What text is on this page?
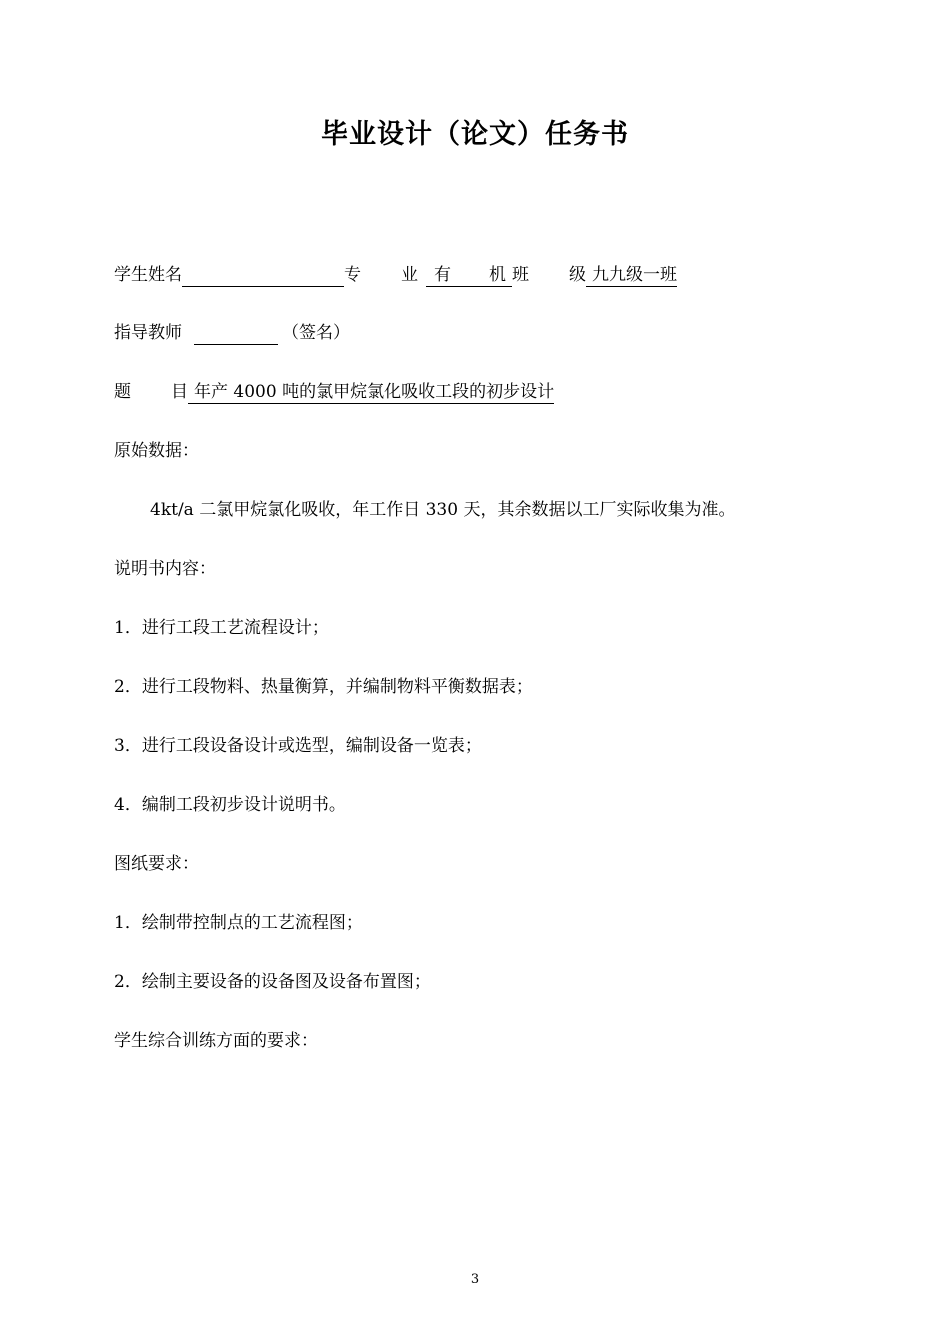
毕业设计（论文）任务书
学生姓名	专 业 有 机 班 级 九九级一班
指导教师	（签名）
题 目 年产 4000 吨的氯甲烷氯化吸收工段的初步设计
原始数据：
4kt/a 二氯甲烷氯化吸收，年工作日 330 天，其余数据以工厂实际收集为准。
说明书内容：
1．进行工段工艺流程设计；
2．进行工段物料、热量衡算，并编制物料平衡数据表；
3．进行工段设备设计或选型，编制设备一览表；
4．编制工段初步设计说明书。
图纸要求：
1．绘制带控制点的工艺流程图；
2．绘制主要设备的设备图及设备布置图；
学生综合训练方面的要求：
3
